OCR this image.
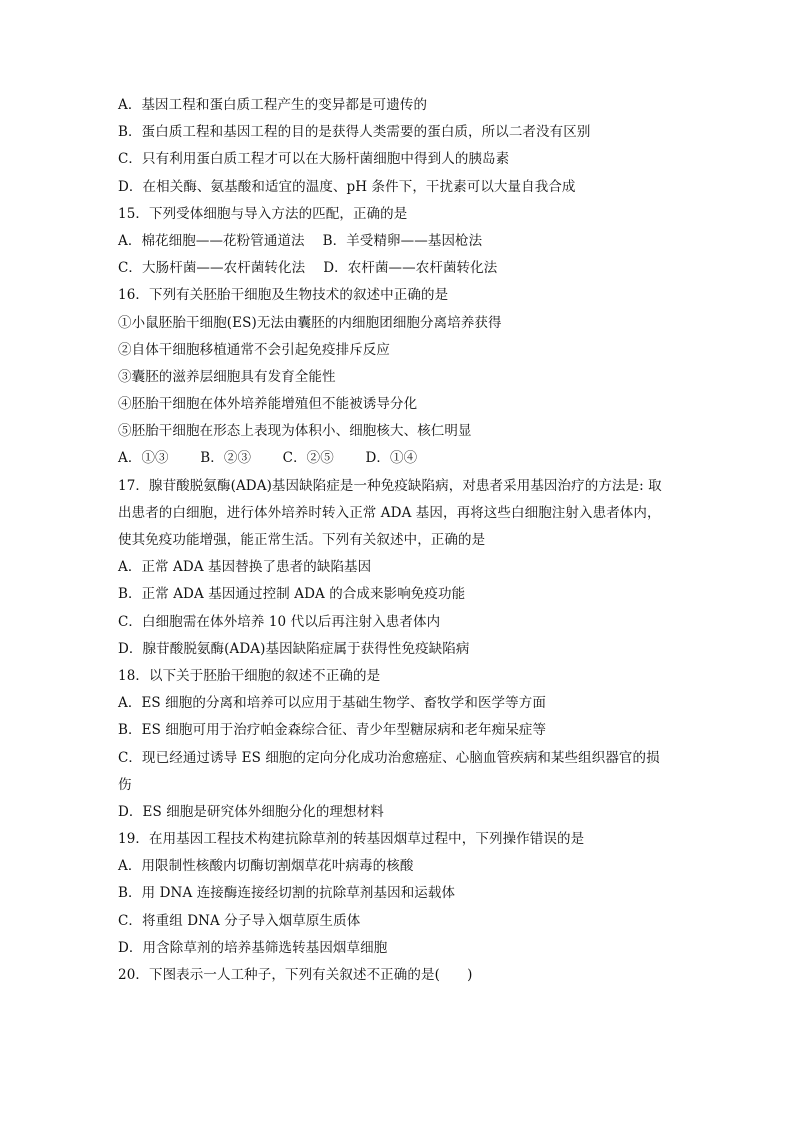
A．基因工程和蛋白质工程产生的变异都是可遗传的
B．蛋白质工程和基因工程的目的是获得人类需要的蛋白质，所以二者没有区别
C．只有利用蛋白质工程才可以在大肠杆菌细胞中得到人的胰岛素
D．在相关酶、氨基酸和适宜的温度、pH 条件下，干扰素可以大量自我合成
15．下列受体细胞与导入方法的匹配，正确的是
A．棉花细胞——花粉管通道法　 B．羊受精卵——基因枪法
C．大肠杆菌——农杆菌转化法　 D．农杆菌——农杆菌转化法
16．下列有关胚胎干细胞及生物技术的叙述中正确的是
①小鼠胚胎干细胞(ES)无法由囊胚的内细胞团细胞分离培养获得
②自体干细胞移植通常不会引起免疫排斥反应
③囊胚的滋养层细胞具有发育全能性
④胚胎干细胞在体外培养能增殖但不能被诱导分化
⑤胚胎干细胞在形态上表现为体积小、细胞核大、核仁明显
A．①③　　 B．②③　　 C．②⑤　　 D．①④
17．腺苷酸脱氨酶(ADA)基因缺陷症是一种免疫缺陷病，对患者采用基因治疗的方法是: 取
出患者的白细胞，进行体外培养时转入正常 ADA 基因，再将这些白细胞注射入患者体内，
使其免疫功能增强，能正常生活。下列有关叙述中，正确的是
A．正常 ADA 基因替换了患者的缺陷基因
B．正常 ADA 基因通过控制 ADA 的合成来影响免疫功能
C．白细胞需在体外培养 10 代以后再注射入患者体内
D．腺苷酸脱氨酶(ADA)基因缺陷症属于获得性免疫缺陷病
18．以下关于胚胎干细胞的叙述不正确的是
A．ES 细胞的分离和培养可以应用于基础生物学、畜牧学和医学等方面
B．ES 细胞可用于治疗帕金森综合征、青少年型糖尿病和老年痴呆症等
C．现已经通过诱导 ES 细胞的定向分化成功治愈癌症、心脑血管疾病和某些组织器官的损
伤
D．ES 细胞是研究体外细胞分化的理想材料
19．在用基因工程技术构建抗除草剂的转基因烟草过程中，下列操作错误的是
A．用限制性核酸内切酶切割烟草花叶病毒的核酸
B．用 DNA 连接酶连接经切割的抗除草剂基因和运载体
C．将重组 DNA 分子导入烟草原生质体
D．用含除草剂的培养基筛选转基因烟草细胞
20．下图表示一人工种子，下列有关叙述不正确的是(　　)
